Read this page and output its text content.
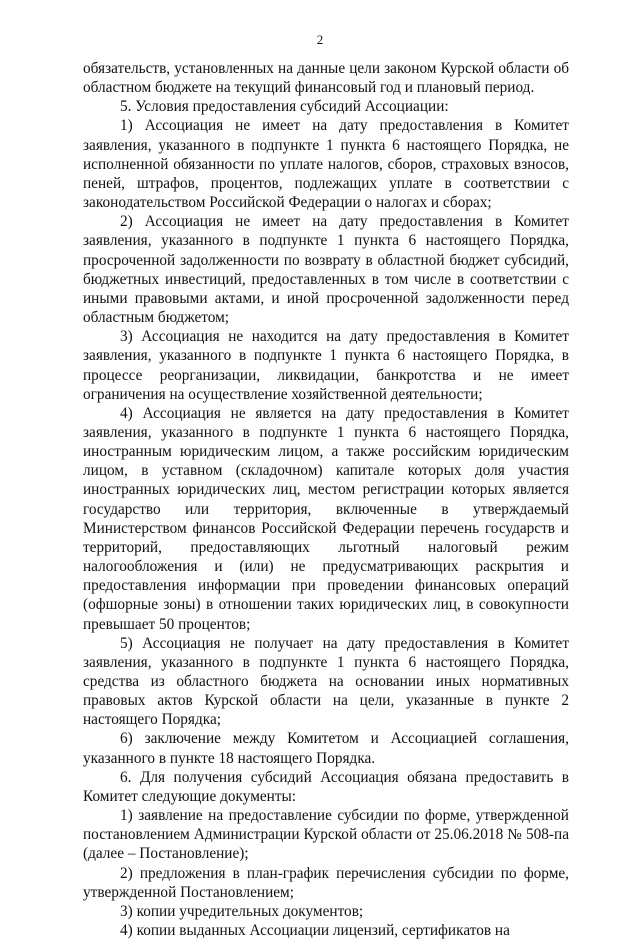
2

обязательств, установленных на данные цели законом Курской области об областном бюджете на текущий финансовый год и плановый период.

5. Условия предоставления субсидий Ассоциации:

1) Ассоциация не имеет на дату предоставления в Комитет заявления, указанного в подпункте 1 пункта 6 настоящего Порядка, не исполненной обязанности по уплате налогов, сборов, страховых взносов, пеней, штрафов, процентов, подлежащих уплате в соответствии с законодательством Российской Федерации о налогах и сборах;

2) Ассоциация не имеет на дату предоставления в Комитет заявления, указанного в подпункте 1 пункта 6 настоящего Порядка, просроченной задолженности по возврату в областной бюджет субсидий, бюджетных инвестиций, предоставленных в том числе в соответствии с иными правовыми актами, и иной просроченной задолженности перед областным бюджетом;

3) Ассоциация не находится на дату предоставления в Комитет заявления, указанного в подпункте 1 пункта 6 настоящего Порядка, в процессе реорганизации, ликвидации, банкротства и не имеет ограничения на осуществление хозяйственной деятельности;

4) Ассоциация не является на дату предоставления в Комитет заявления, указанного в подпункте 1 пункта 6 настоящего Порядка, иностранным юридическим лицом, а также российским юридическим лицом, в уставном (складочном) капитале которых доля участия иностранных юридических лиц, местом регистрации которых является государство или территория, включенные в утверждаемый Министерством финансов Российской Федерации перечень государств и территорий, предоставляющих льготный налоговый режим налогообложения и (или) не предусматривающих раскрытия и предоставления информации при проведении финансовых операций (офшорные зоны) в отношении таких юридических лиц, в совокупности превышает 50 процентов;

5) Ассоциация не получает на дату предоставления в Комитет заявления, указанного в подпункте 1 пункта 6 настоящего Порядка, средства из областного бюджета на основании иных нормативных правовых актов Курской области на цели, указанные в пункте 2 настоящего Порядка;

6) заключение между Комитетом и Ассоциацией соглашения, указанного в пункте 18 настоящего Порядка.

6. Для получения субсидий Ассоциация обязана предоставить в Комитет следующие документы:

1) заявление на предоставление субсидии по форме, утвержденной постановлением Администрации Курской области от 25.06.2018 № 508-па (далее – Постановление);

2) предложения в план-график перечисления субсидии по форме, утвержденной Постановлением;

3) копии учредительных документов;

4) копии выданных Ассоциации лицензий, сертификатов на
